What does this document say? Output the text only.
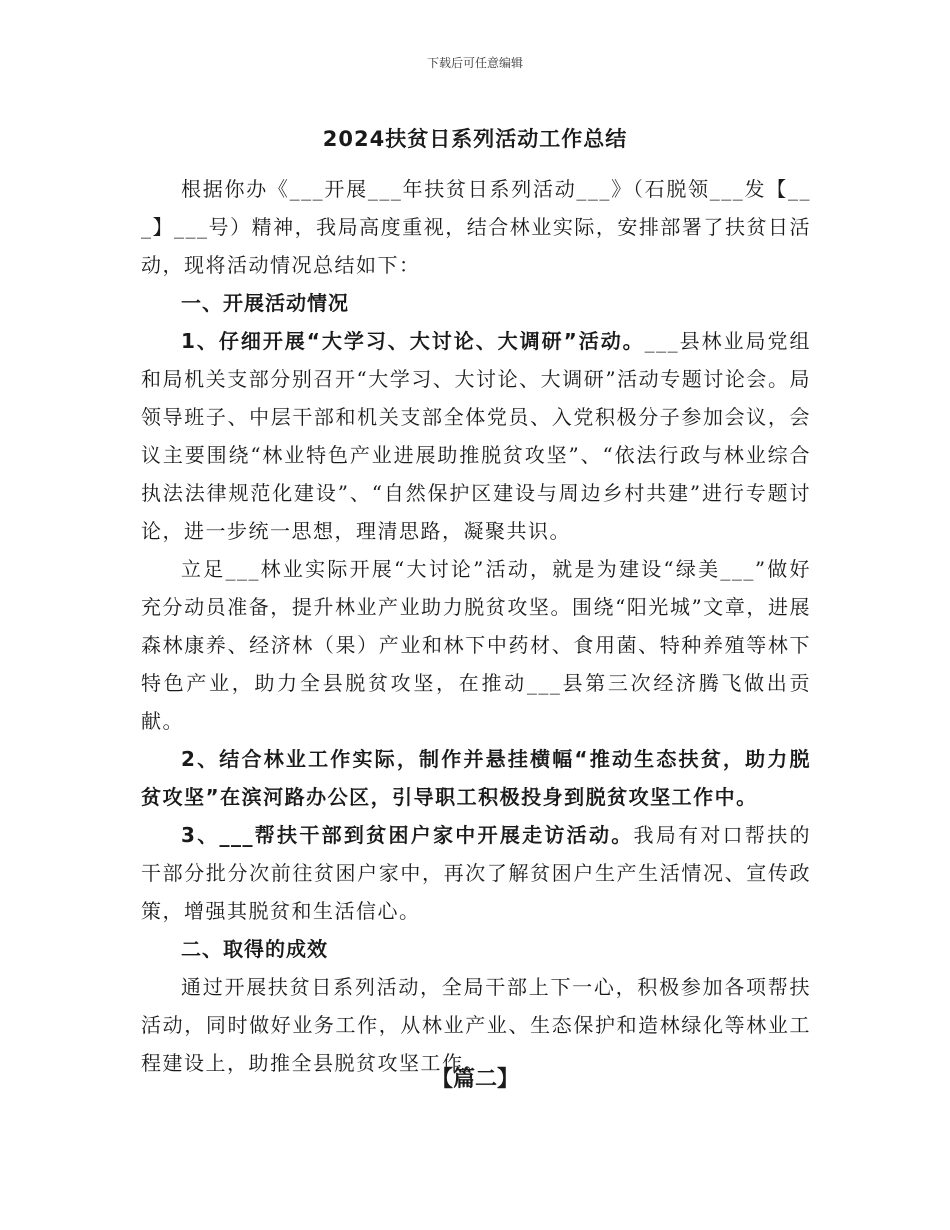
下载后可任意编辑
2024扶贫日系列活动工作总结

根据你办《___开展___年扶贫日系列活动___》（石脱领___发【___】___号）精神，我局高度重视，结合林业实际，安排部署了扶贫日活动，现将活动情况总结如下：

一、开展活动情况

1、仔细开展“大学习、大讨论、大调研”活动。___县林业局党组和局机关支部分别召开“大学习、大讨论、大调研”活动专题讨论会。局领导班子、中层干部和机关支部全体党员、入党积极分子参加会议，会议主要围绕“林业特色产业进展助推脱贫攻坚”、“依法行政与林业综合执法法律规范化建设”、“自然保护区建设与周边乡村共建”进行专题讨论，进一步统一思想，理清思路，凝聚共识。

立足___林业实际开展“大讨论”活动，就是为建设“绿美___”做好充分动员准备，提升林业产业助力脱贫攻坚。围绕“阳光城”文章，进展森林康养、经济林（果）产业和林下中药材、食用菌、特种养殖等林下特色产业，助力全县脱贫攻坚，在推动___县第三次经济腾飞做出贡献。

2、结合林业工作实际，制作并悬挂横幅“推动生态扶贫，助力脱贫攻坚”在滨河路办公区，引导职工积极投身到脱贫攻坚工作中。

3、___帮扶干部到贫困户家中开展走访活动。我局有对口帮扶的干部分批分次前往贫困户家中，再次了解贫困户生产生活情况、宣传政策，增强其脱贫和生活信心。

二、取得的成效

通过开展扶贫日系列活动，全局干部上下一心，积极参加各项帮扶活动，同时做好业务工作，从林业产业、生态保护和造林绿化等林业工程建设上，助推全县脱贫攻坚工作。

【篇二】
